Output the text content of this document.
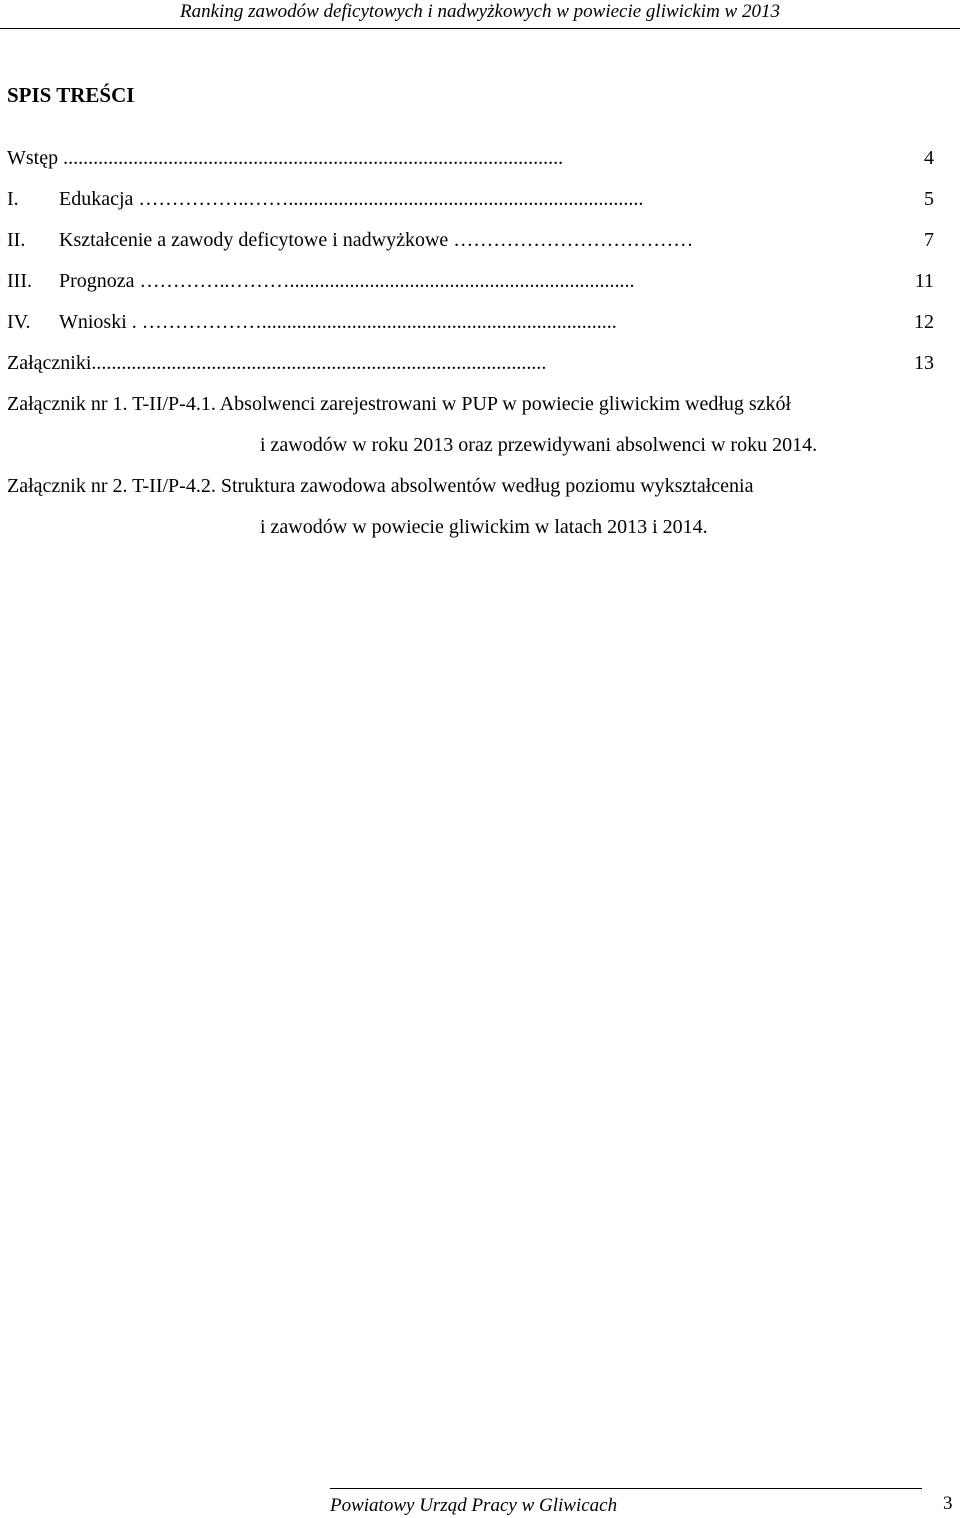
Ranking zawodów deficytowych i nadwyżkowych w powiecie gliwickim w 2013
SPIS TREŚCI
Wstęp ....................................................................................................	4
I. Edukacja ……………..…….......................................................................	5
II. Kształcenie a zawody deficytowe i nadwyżkowe ………………………………	7
III. Prognoza …………..……….....................................................................	11
IV. Wnioski . ……………….......................................................................	12
Załączniki...........................................................................................	13
Załącznik nr 1. T-II/P-4.1. Absolwenci zarejestrowani w PUP w powiecie gliwickim według szkół
i zawodów w roku 2013 oraz przewidywani absolwenci w roku 2014.
Załącznik nr 2. T-II/P-4.2. Struktura zawodowa absolwentów według poziomu wykształcenia
i zawodów w powiecie gliwickim w latach 2013 i 2014.
Powiatowy Urząd Pracy w Gliwicach	3
